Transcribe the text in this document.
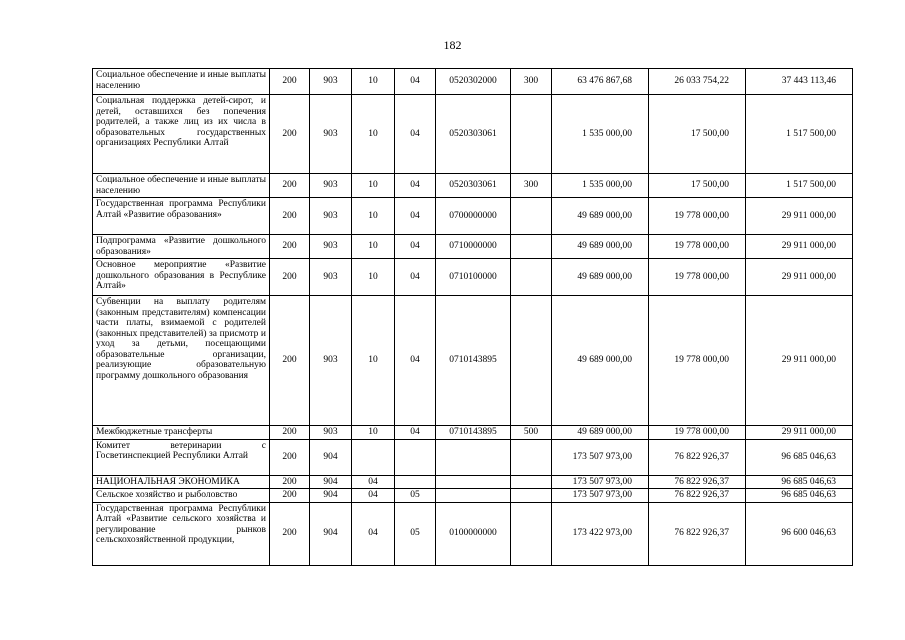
182
Социальное обеспечение и иные выплаты населению	200	903	10	04	0520302000	300	63 476 867,68	26 033 754,22	37 443 113,46
Социальная поддержка детей-сирот, и детей, оставшихся без попечения родителей, а также лиц из их числа в образовательных государственных организациях Республики Алтай	200	903	10	04	0520303061		1 535 000,00	17 500,00	1 517 500,00
Социальное обеспечение и иные выплаты населению	200	903	10	04	0520303061	300	1 535 000,00	17 500,00	1 517 500,00
Государственная программа Республики Алтай «Развитие образования»	200	903	10	04	0700000000		49 689 000,00	19 778 000,00	29 911 000,00
Подпрограмма «Развитие дошкольного образования»	200	903	10	04	0710000000		49 689 000,00	19 778 000,00	29 911 000,00
Основное мероприятие «Развитие дошкольного образования в Республике Алтай»	200	903	10	04	0710100000		49 689 000,00	19 778 000,00	29 911 000,00
Субвенции на выплату родителям (законным представителям) компенсации части платы, взимаемой с родителей (законных представителей) за присмотр и уход за детьми, посещающими образовательные организации, реализующие образовательную программу дошкольного образования	200	903	10	04	0710143895		49 689 000,00	19 778 000,00	29 911 000,00
Межбюджетные трансферты	200	903	10	04	0710143895	500	49 689 000,00	19 778 000,00	29 911 000,00
Комитет ветеринарии с Госветинспекцией Республики Алтай	200	904					173 507 973,00	76 822 926,37	96 685 046,63
НАЦИОНАЛЬНАЯ ЭКОНОМИКА	200	904	04				173 507 973,00	76 822 926,37	96 685 046,63
Сельское хозяйство и рыболовство	200	904	04	05			173 507 973,00	76 822 926,37	96 685 046,63
Государственная программа Республики Алтай «Развитие сельского хозяйства и регулирование рынков сельскохозяйственной продукции,	200	904	04	05	0100000000		173 422 973,00	76 822 926,37	96 600 046,63
